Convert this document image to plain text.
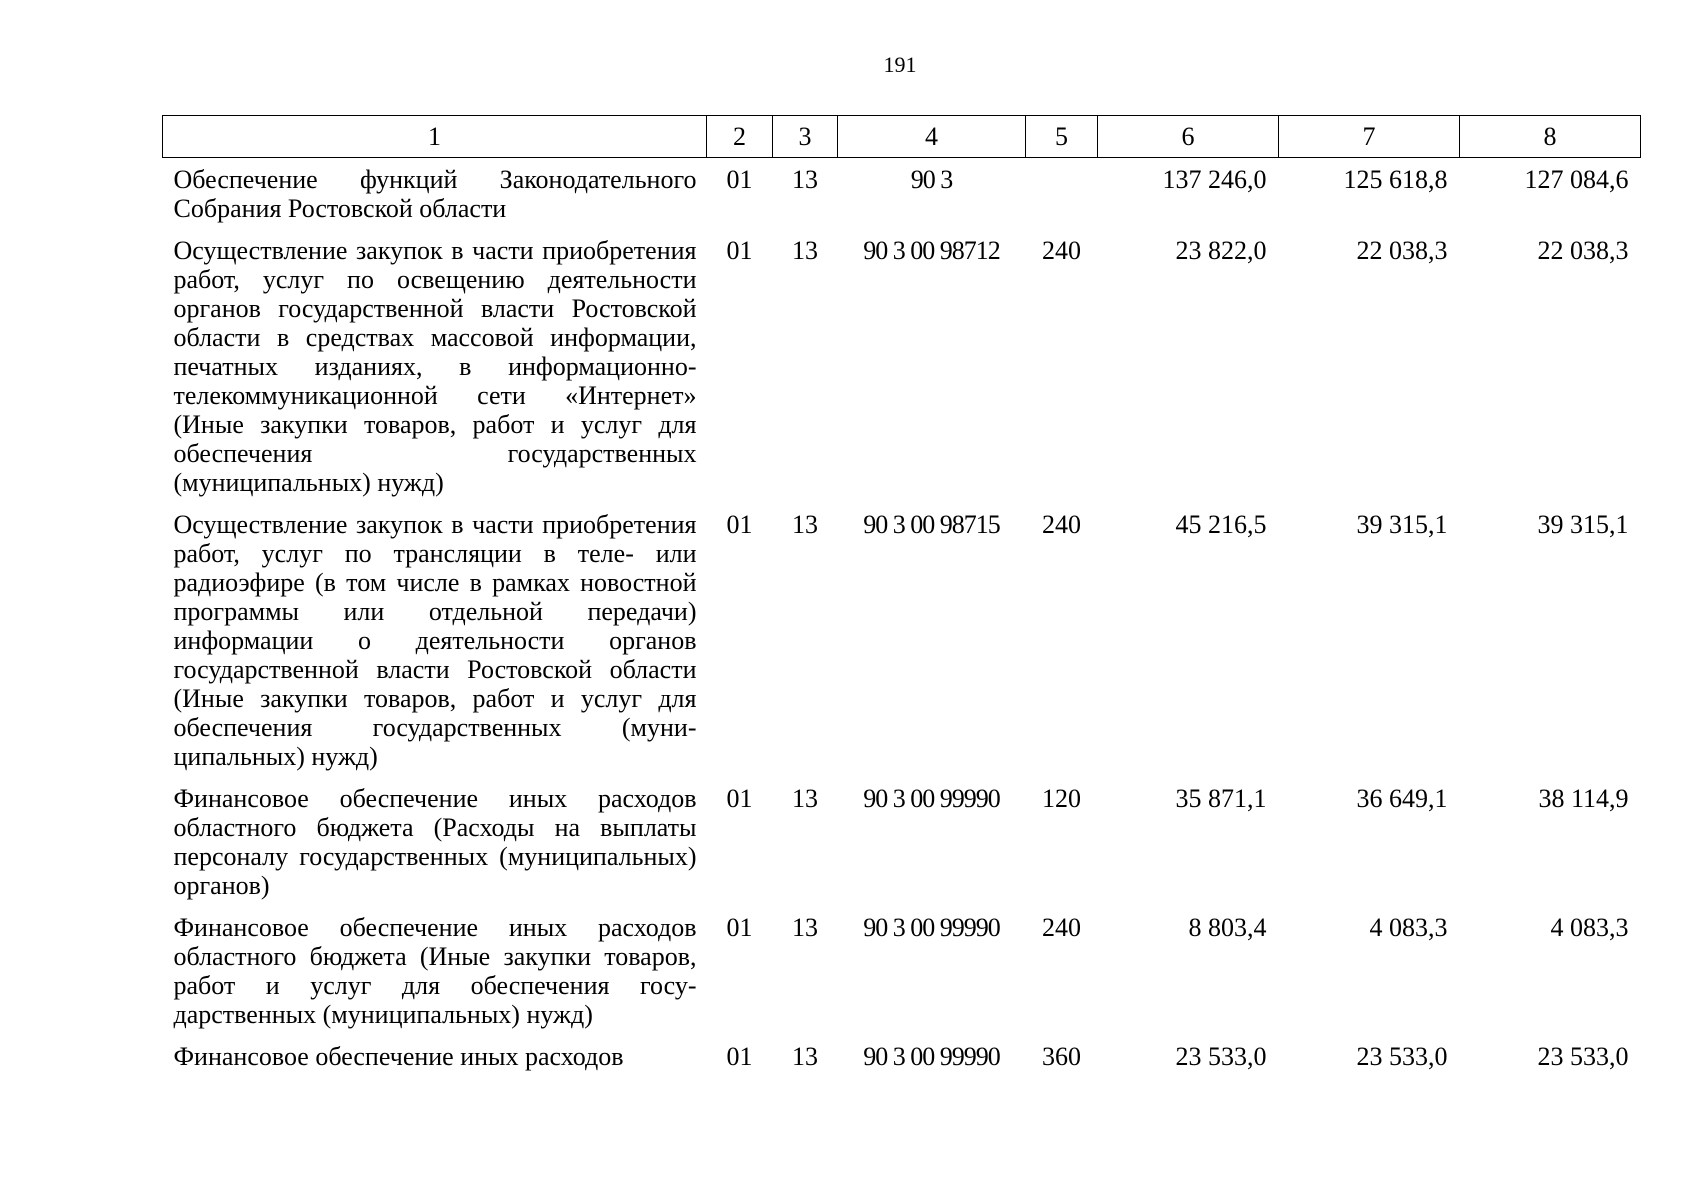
191
1	2	3	4	5	6	7	8
Обеспечение функций Законодательного Собрания Ростовской области	01	13	90 3		137 246,0	125 618,8	127 084,6
Осуществление закупок в части приобретения работ, услуг по освещению деятельности органов государственной власти Ростовской области в средствах массовой информации, печатных изданиях, в информационно-телекоммуникационной сети «Интернет» (Иные закупки товаров, работ и услуг для обеспечения государственных (муниципальных) нужд)	01	13	90 3 00 98712	240	23 822,0	22 038,3	22 038,3
Осуществление закупок в части приобретения работ, услуг по трансляции в теле- или радиоэфире (в том числе в рамках новостной программы или отдельной передачи) информации о деятельности органов государственной власти Ростовской области (Иные закупки товаров, работ и услуг для обеспечения государственных (муниципальных) нужд)	01	13	90 3 00 98715	240	45 216,5	39 315,1	39 315,1
Финансовое обеспечение иных расходов областного бюджета (Расходы на выплаты персоналу государственных (муниципальных) органов)	01	13	90 3 00 99990	120	35 871,1	36 649,1	38 114,9
Финансовое обеспечение иных расходов областного бюджета (Иные закупки товаров, работ и услуг для обеспечения государственных (муниципальных) нужд)	01	13	90 3 00 99990	240	8 803,4	4 083,3	4 083,3
Финансовое обеспечение иных расходов	01	13	90 3 00 99990	360	23 533,0	23 533,0	23 533,0
